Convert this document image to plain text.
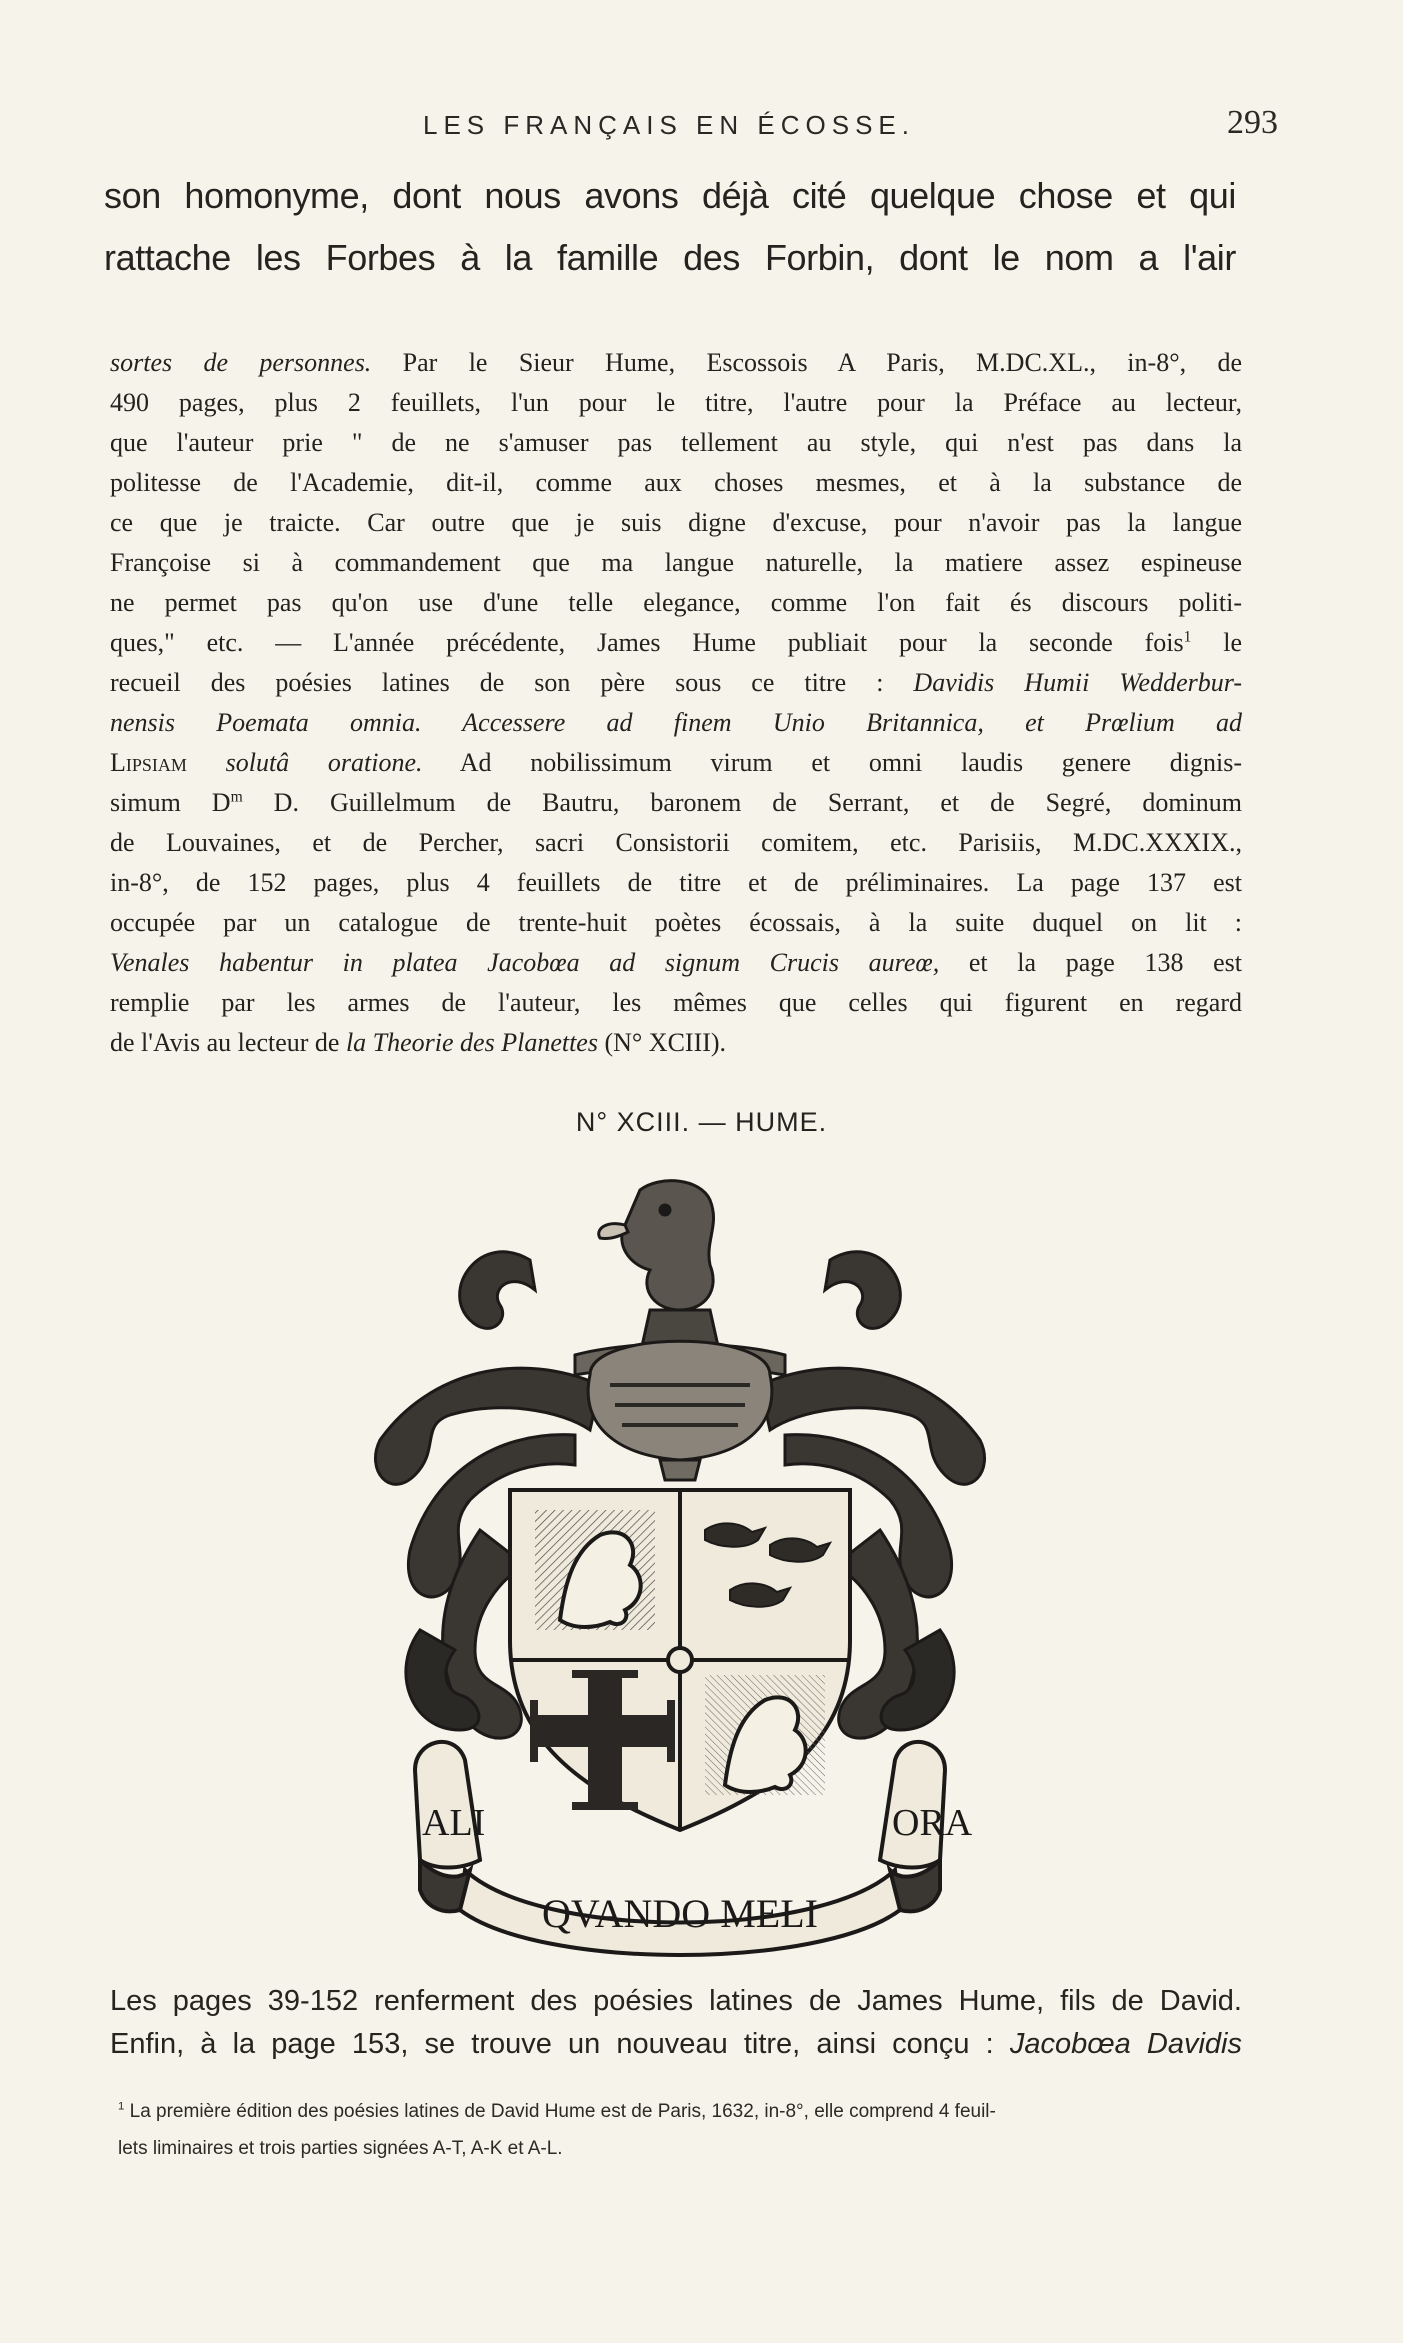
LES FRANÇAIS EN ÉCOSSE.	293
son homonyme, dont nous avons déjà cité quelque chose et qui
rattache les Forbes à la famille des Forbin, dont le nom a l'air
sortes de personnes. Par le Sieur Hume, Escossois A Paris, M.DC.XL., in-8°, de
490 pages, plus 2 feuillets, l'un pour le titre, l'autre pour la Préface au lecteur,
que l'auteur prie " de ne s'amuser pas tellement au style, qui n'est pas dans la
politesse de l'Academie, dit-il, comme aux choses mesmes, et à la substance de
ce que je traicte. Car outre que je suis digne d'excuse, pour n'avoir pas la langue
Françoise si à commandement que ma langue naturelle, la matiere assez espineuse
ne permet pas qu'on use d'une telle elegance, comme l'on fait és discours politi-
ques," etc. — L'année précédente, James Hume publiait pour la seconde fois$^1$ le
recueil des poésies latines de son père sous ce titre : Davidis Humii Wedderbur-
nensis Poemata omnia. Accessere ad finem Unio Britannica, et Prœlium ad
Lipsiam solutâ oratione. Ad nobilissimum virum et omni laudis genere dignis-
simum $D^m$ D. Guillelmum de Bautru, baronem de Serrant, et de Segré, dominum
de Louvaines, et de Percher, sacri Consistorii comitem, etc. Parisiis, M.DC.XXXIX.,
in-8°, de 152 pages, plus 4 feuillets de titre et de préliminaires. La page 137 est
occupée par un catalogue de trente-huit poètes écossais, à la suite duquel on lit :
Venales habentur in platea Jacobœa ad signum Crucis aureœ, et la page 138 est
remplie par les armes de l'auteur, les mêmes que celles qui figurent en regard
de l'Avis au lecteur de la Theorie des Planettes (N° XCIII).
N° XCIII. — HUME.
ALI	ORA
QVANDO MELI
Les pages 39-152 renferment des poésies latines de James Hume, fils de David.
Enfin, à la page 153, se trouve un nouveau titre, ainsi conçu : Jacobœa Davidis
$^1$ La première édition des poésies latines de David Hume est de Paris, 1632, in-8°, elle comprend 4 feuil-
lets liminaires et trois parties signées A-T, A-K et A-L.
